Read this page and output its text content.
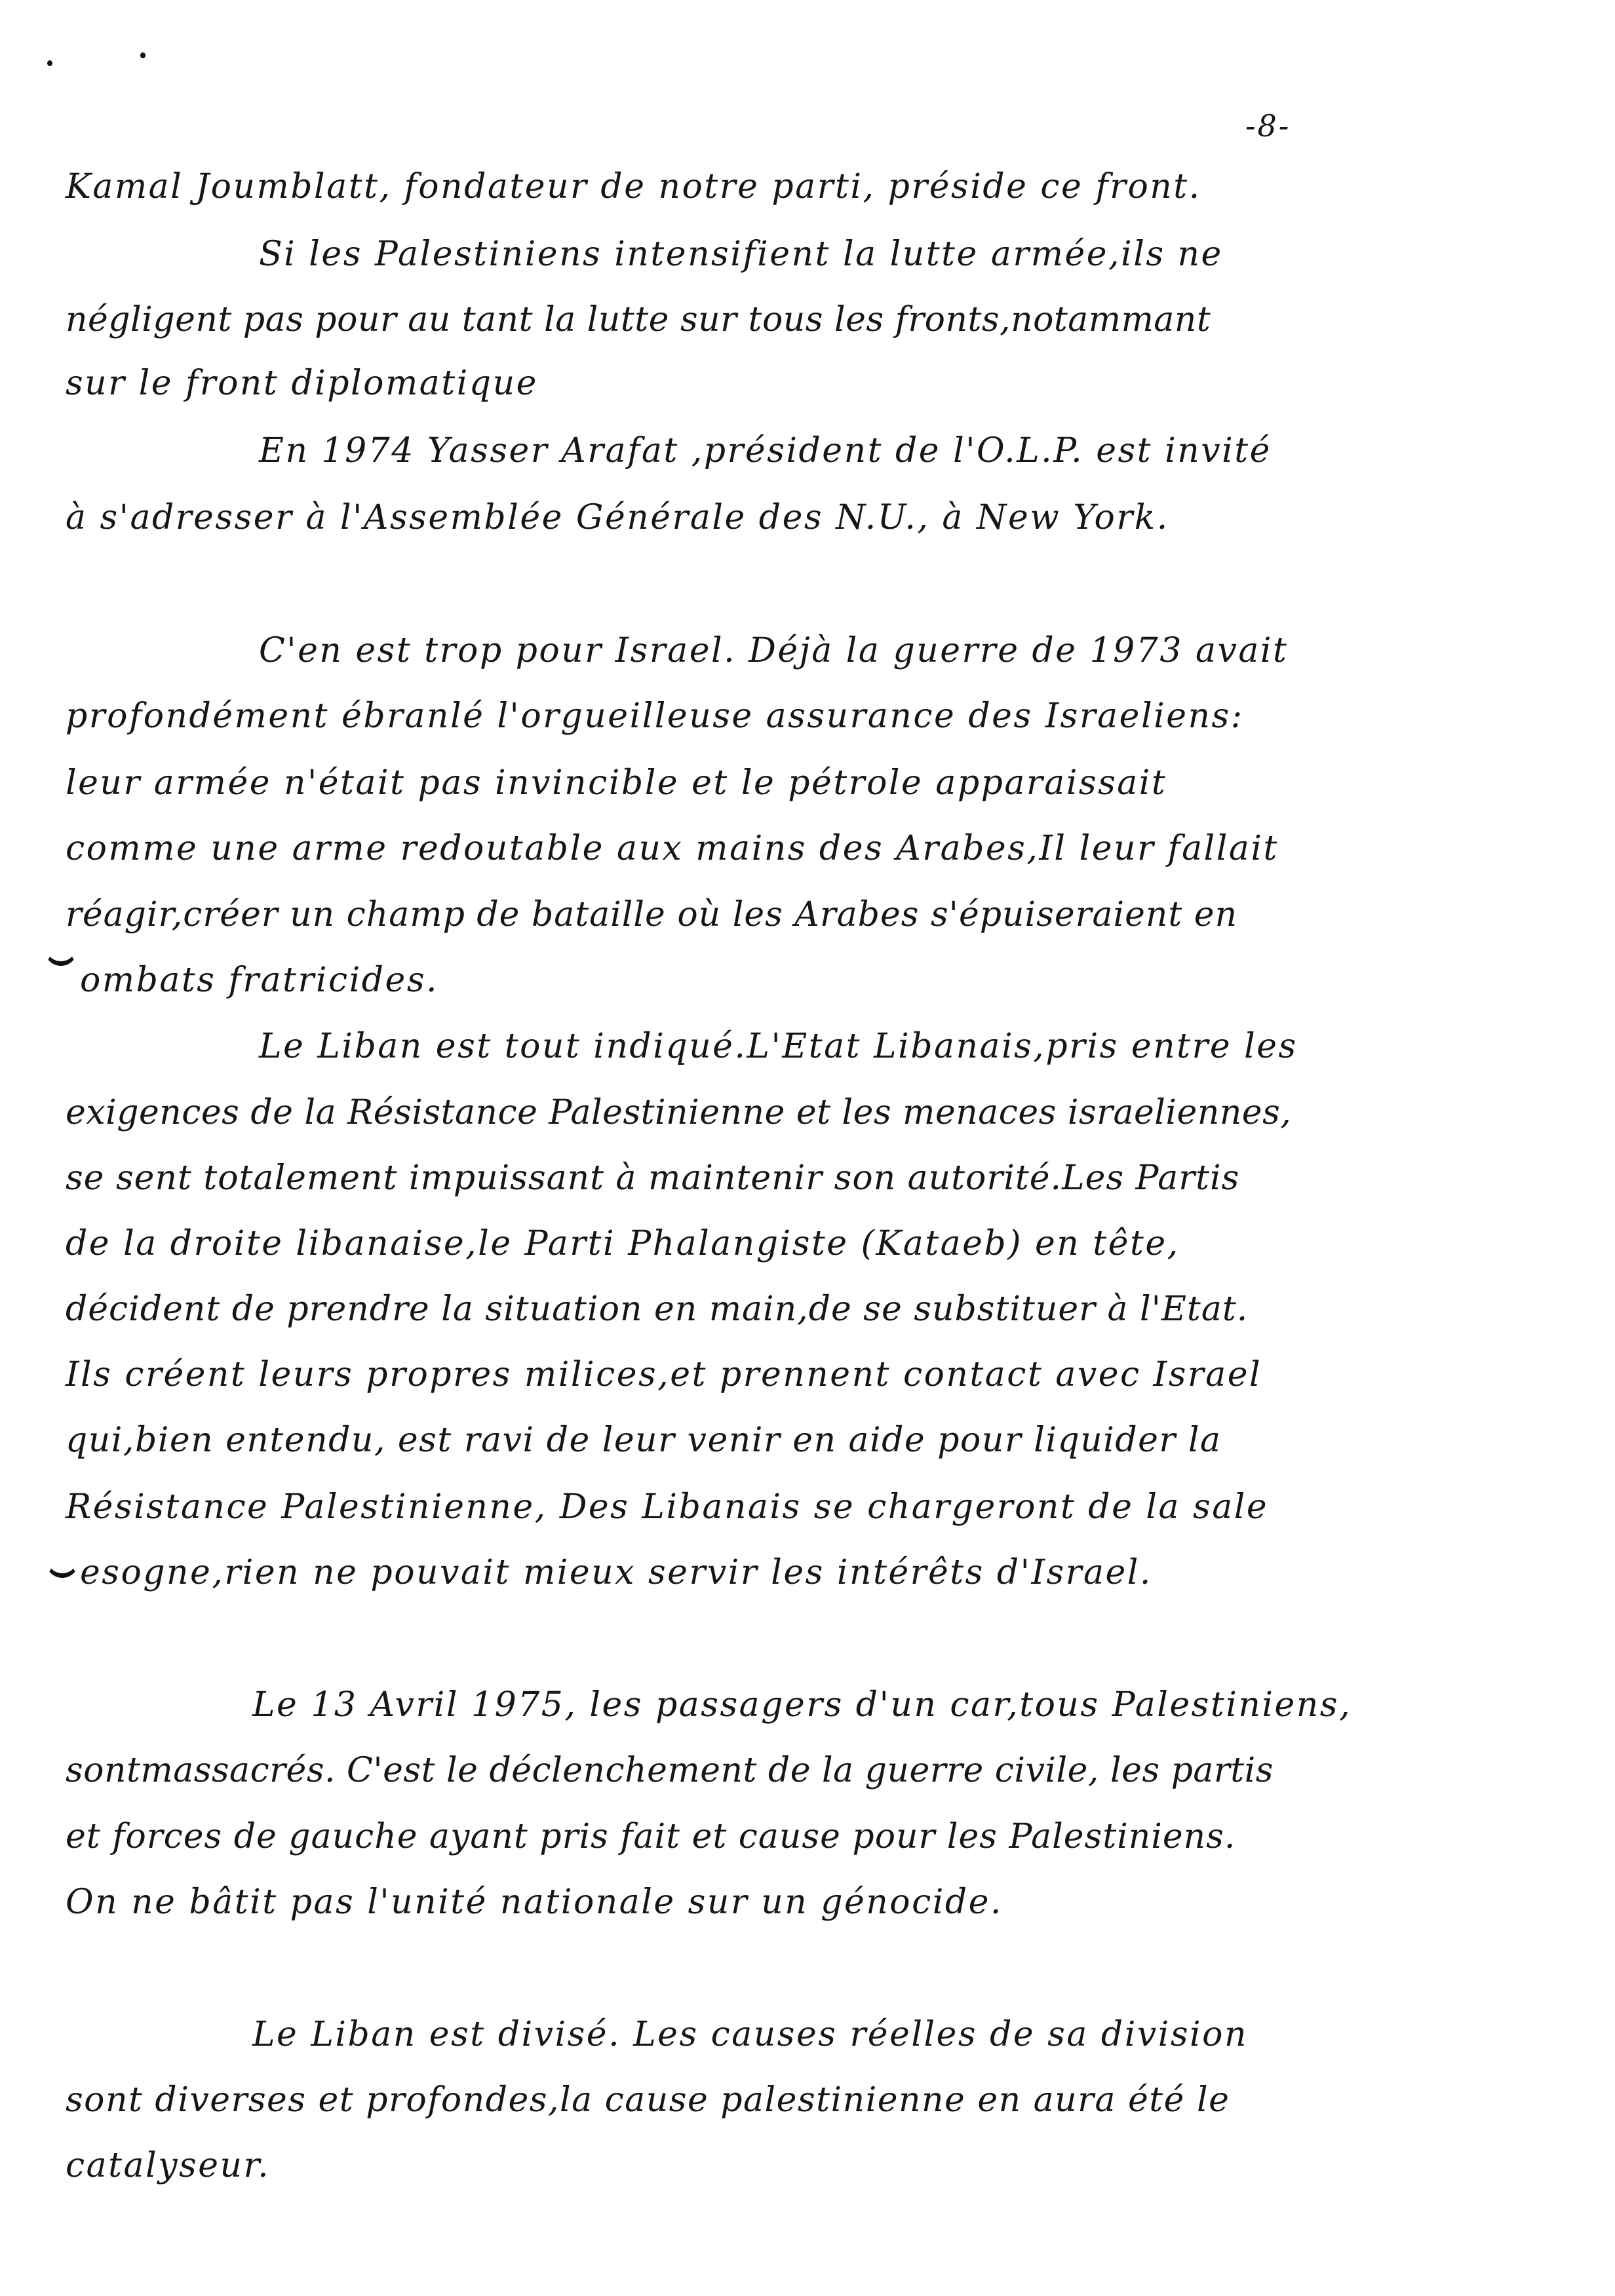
-8-
Kamal Joumblatt, fondateur de notre parti, préside ce front.
Si les Palestiniens intensifient la lutte armée,ils ne
négligent pas pour au tant la lutte sur tous les fronts,notammant
sur le front diplomatique
En 1974 Yasser Arafat ,président de l'O.L.P. est invité
à s'adresser à l'Assemblée Générale des N.U., à New York.
C'en est trop pour Israel. Déjà la guerre de 1973 avait
profondément ébranlé l'orgueilleuse assurance des Israeliens:
leur armée n'était pas invincible et le pétrole apparaissait
comme une arme redoutable aux mains des Arabes,Il leur fallait
réagir,créer un champ de bataille où les Arabes s'épuiseraient en
ombats fratricides.
Le Liban est tout indiqué.L'Etat Libanais,pris entre les
exigences de la Résistance Palestinienne et les menaces israeliennes,
se sent totalement impuissant à maintenir son autorité.Les Partis
de la droite libanaise,le Parti Phalangiste (Kataeb) en tête,
décident de prendre la situation en main,de se substituer à l'Etat.
Ils créent leurs propres milices,et prennent contact avec Israel
qui,bien entendu, est ravi de leur venir en aide pour liquider la
Résistance Palestinienne, Des Libanais se chargeront de la sale
esogne,rien ne pouvait mieux servir les intérêts d'Israel.
Le 13 Avril 1975, les passagers d'un car,tous Palestiniens,
sontmassacrés. C'est le déclenchement de la guerre civile, les partis
et forces de gauche ayant pris fait et cause pour les Palestiniens.
On ne bâtit pas l'unité nationale sur un génocide.
Le Liban est divisé. Les causes réelles de sa division
sont diverses et profondes,la cause palestinienne en aura été le
catalyseur.
